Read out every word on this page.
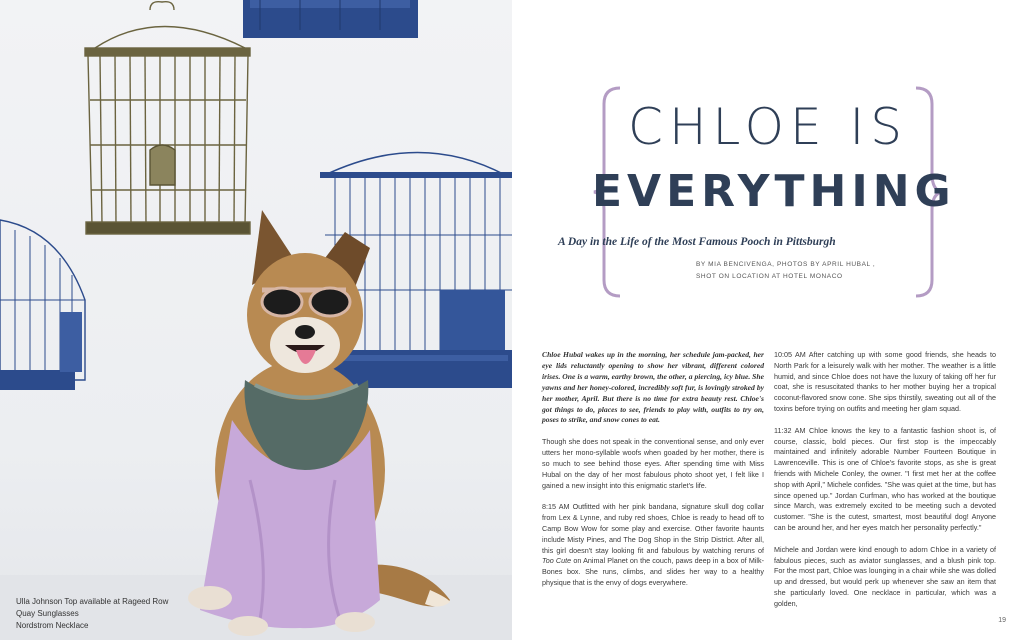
Ulla Johnson Top available at Rageed Row
Quay Sunglasses
Nordstrom Necklace
CHLOE IS
EVERYTHING
A Day in the Life of the Most Famous Pooch in Pittsburgh
BY MIA BENCIVENGA, PHOTOS BY APRIL HUBAL ,
SHOT ON LOCATION AT HOTEL MONACO

Chloe Hubal wakes up in the morning, her schedule jam-packed, her eye lids reluctantly opening to show her vibrant, different colored irises. One is a warm, earthy brown, the other, a piercing, icy blue. She yawns and her honey-colored, incredibly soft fur, is lovingly stroked by her mother, April. But there is no time for extra beauty rest. Chloe's got things to do, places to see, friends to play with, outfits to try on, poses to strike, and snow cones to eat.

Though she does not speak in the conventional sense, and only ever utters her mono-syllable woofs when goaded by her mother, there is so much to see behind those eyes. After spending time with Miss Hubal on the day of her most fabulous photo shoot yet, I felt like I gained a new insight into this enigmatic starlet's life.

8:15 AM Outfitted with her pink bandana, signature skull dog collar from Lex & Lynne, and ruby red shoes, Chloe is ready to head off to Camp Bow Wow for some play and exercise. Other favorite haunts include Misty Pines, and The Dog Shop in the Strip District. After all, this girl doesn't stay looking fit and fabulous by watching reruns of Too Cute on Animal Planet on the couch, paws deep in a box of Milk-Bones box. She runs, climbs, and slides her way to a healthy physique that is the envy of dogs everywhere.

10:05 AM After catching up with some good friends, she heads to North Park for a leisurely walk with her mother. The weather is a little humid, and since Chloe does not have the luxury of taking off her fur coat, she is resuscitated thanks to her mother buying her a tropical coconut-flavored snow cone. She sips thirstily, sweating out all of the toxins before trying on outfits and meeting her glam squad.

11:32 AM Chloe knows the key to a fantastic fashion shoot is, of course, classic, bold pieces. Our first stop is the impeccably maintained and infinitely adorable Number Fourteen Boutique in Lawrenceville. This is one of Chloe's favorite stops, as she is great friends with Michele Conley, the owner. "I first met her at the coffee shop with April," Michele confides. "She was quiet at the time, but has since opened up." Jordan Curfman, who has worked at the boutique since March, was extremely excited to be meeting such a devoted customer. "She is the cutest, smartest, most beautiful dog! Anyone can be around her, and her eyes match her personality perfectly."

Michele and Jordan were kind enough to adorn Chloe in a variety of fabulous pieces, such as aviator sunglasses, and a blush pink top. For the most part, Chloe was lounging in a chair while she was dolled up and dressed, but would perk up whenever she saw an item that she particularly loved. One necklace in particular, which was a golden,

19
